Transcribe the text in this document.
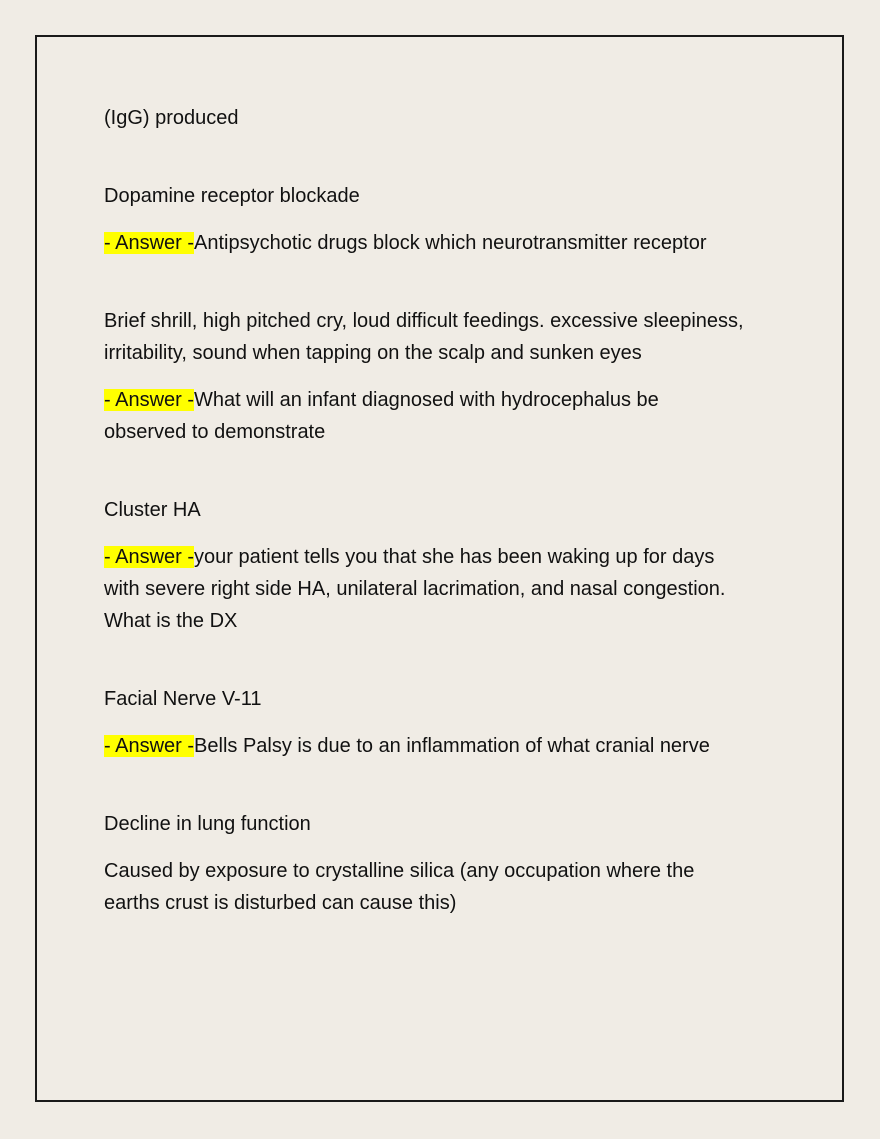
(IgG) produced
Dopamine receptor blockade
- Answer -Antipsychotic drugs block which neurotransmitter receptor
Brief shrill, high pitched cry, loud difficult feedings. excessive sleepiness,
irritability, sound when tapping on the scalp and sunken eyes
- Answer -What will an infant diagnosed with hydrocephalus be
observed to demonstrate
Cluster HA
- Answer -your patient tells you that she has been waking up for days
with severe right side HA, unilateral lacrimation, and nasal congestion.
What is the DX
Facial Nerve V-11
- Answer -Bells Palsy is due to an inflammation of what cranial nerve
Decline in lung function
Caused by exposure to crystalline silica (any occupation where the
earths crust is disturbed can cause this)
